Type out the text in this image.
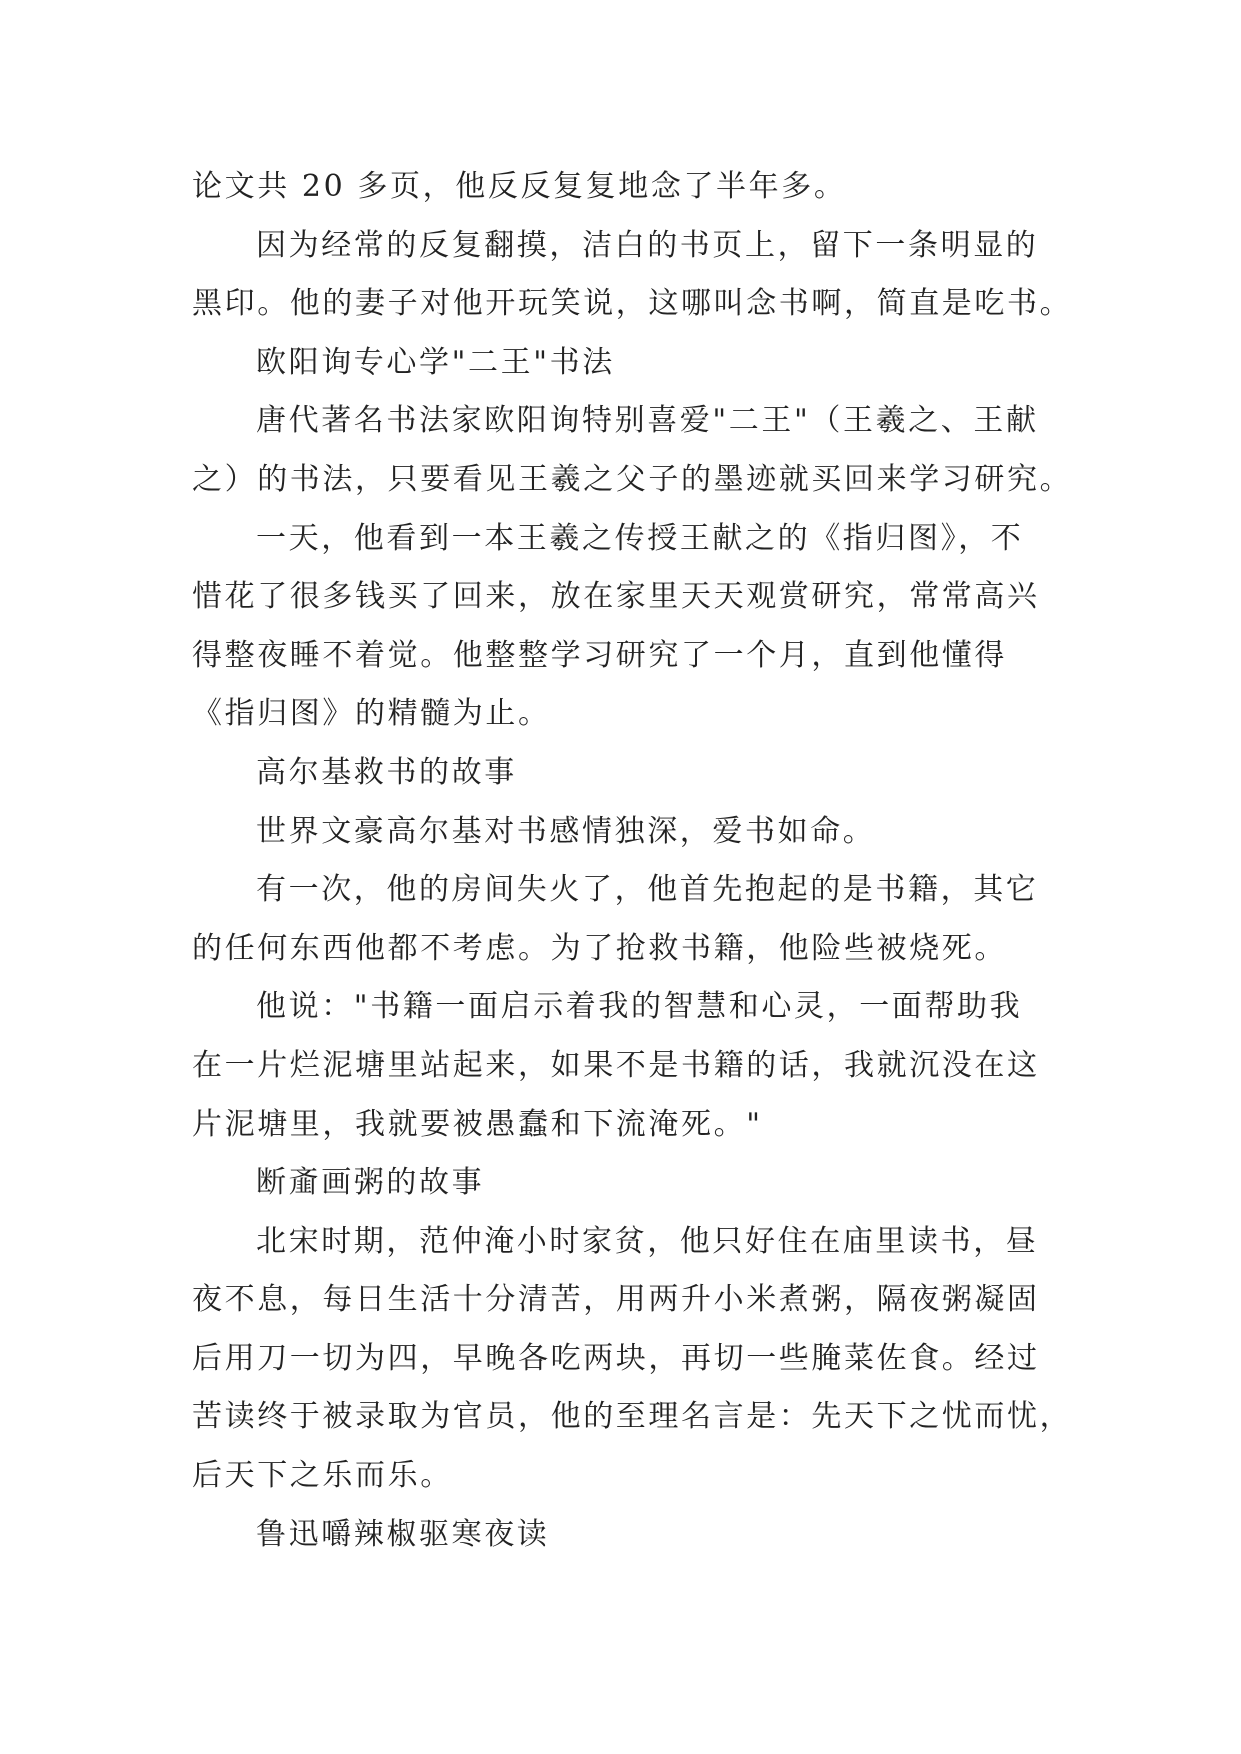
论文共 20 多页，他反反复复地念了半年多。
因为经常的反复翻摸，洁白的书页上，留下一条明显的
黑印。他的妻子对他开玩笑说，这哪叫念书啊，简直是吃书。
欧阳询专心学"二王"书法
唐代著名书法家欧阳询特别喜爱"二王"（王羲之、王献
之）的书法，只要看见王羲之父子的墨迹就买回来学习研究。
一天，他看到一本王羲之传授王献之的《指归图》，不
惜花了很多钱买了回来，放在家里天天观赏研究，常常高兴
得整夜睡不着觉。他整整学习研究了一个月，直到他懂得
《指归图》的精髓为止。
高尔基救书的故事
世界文豪高尔基对书感情独深，爱书如命。
有一次，他的房间失火了，他首先抱起的是书籍，其它
的任何东西他都不考虑。为了抢救书籍，他险些被烧死。
他说："书籍一面启示着我的智慧和心灵，一面帮助我
在一片烂泥塘里站起来，如果不是书籍的话，我就沉没在这
片泥塘里，我就要被愚蠢和下流淹死。"
断齑画粥的故事
北宋时期，范仲淹小时家贫，他只好住在庙里读书，昼
夜不息，每日生活十分清苦，用两升小米煮粥，隔夜粥凝固
后用刀一切为四，早晚各吃两块，再切一些腌菜佐食。经过
苦读终于被录取为官员，他的至理名言是：先天下之忧而忧，
后天下之乐而乐。
鲁迅嚼辣椒驱寒夜读
